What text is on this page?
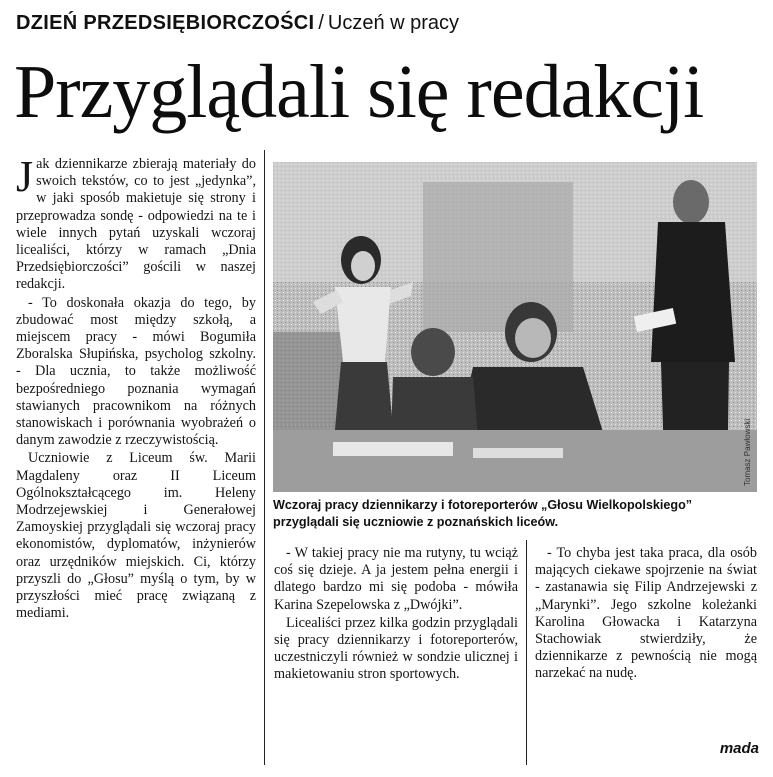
DZIEŃ PRZEDSIĘBIORCZOŚCI / Uczeń w pracy
Przyglądali się redakcji

Jak dziennikarze zbierają materiały do swoich tekstów, co to jest „jedynka”, w jaki sposób makietuje się strony i przeprowadza sondę - odpowiedzi na te i wiele innych pytań uzyskali wczoraj licealiści, którzy w ramach „Dnia Przedsiębiorczości” gościli w naszej redakcji.

- To doskonała okazja do tego, by zbudować most między szkołą, a miejscem pracy - mówi Bogumiła Zboralska Słupińska, psycholog szkolny. - Dla ucznia, to także możliwość bezpośredniego poznania wymagań stawianych pracownikom na różnych stanowiskach i porównania wyobrażeń o danym zawodzie z rzeczywistością.

Uczniowie z Liceum św. Marii Magdaleny oraz II Liceum Ogólnokształcącego im. Heleny Modrzejewskiej i Generałowej Zamoyskiej przyglądali się wczoraj pracy ekonomistów, dyplomatów, inżynierów oraz urzędników miejskich. Ci, którzy przyszli do „Głosu” myślą o tym, by w przyszłości mieć pracę związaną z mediami.

Tomasz Pawłowski
Wczoraj pracy dziennikarzy i fotoreporterów „Głosu Wielkopolskiego” przyglądali się uczniowie z poznańskich liceów.

- W takiej pracy nie ma rutyny, tu wciąż coś się dzieje. A ja jestem pełna energii i dlatego bardzo mi się podoba - mówiła Karina Szepelowska z „Dwójki”.

Licealiści przez kilka godzin przyglądali się pracy dziennikarzy i fotoreporterów, uczestniczyli również w sondzie ulicznej i makietowaniu stron sportowych.

- To chyba jest taka praca, dla osób mających ciekawe spojrzenie na świat - zastanawia się Filip Andrzejewski z „Marynki”. Jego szkolne koleżanki Karolina Głowacka i Katarzyna Stachowiak stwierdziły, że dziennikarze z pewnością nie mogą narzekać na nudę.

mada
